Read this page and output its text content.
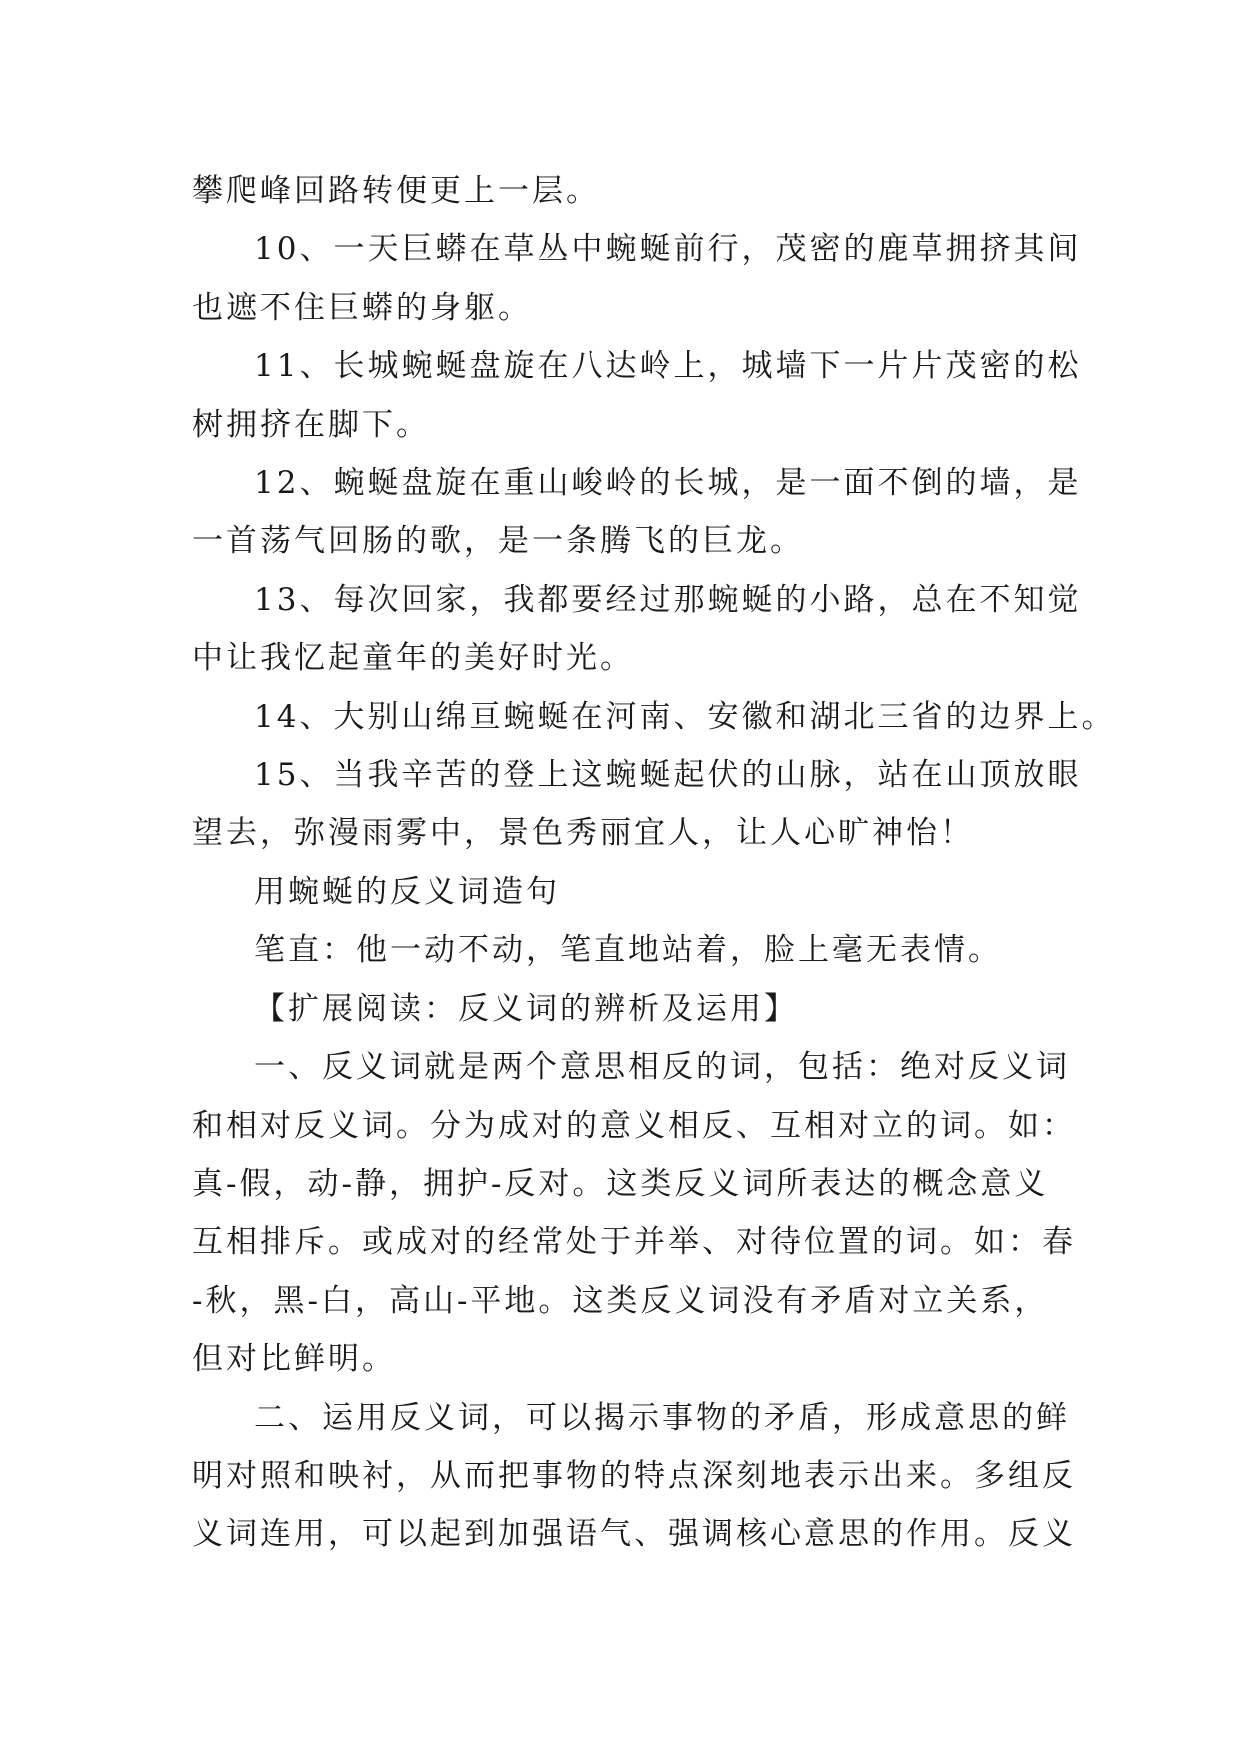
攀爬峰回路转便更上一层。
10、一天巨蟒在草丛中蜿蜒前行，茂密的鹿草拥挤其间
也遮不住巨蟒的身躯。
11、长城蜿蜒盘旋在八达岭上，城墙下一片片茂密的松
树拥挤在脚下。
12、蜿蜒盘旋在重山峻岭的长城，是一面不倒的墙，是
一首荡气回肠的歌，是一条腾飞的巨龙。
13、每次回家，我都要经过那蜿蜒的小路，总在不知觉
中让我忆起童年的美好时光。
14、大别山绵亘蜿蜒在河南、安徽和湖北三省的边界上。
15、当我辛苦的登上这蜿蜒起伏的山脉，站在山顶放眼
望去，弥漫雨雾中，景色秀丽宜人，让人心旷神怡！
用蜿蜒的反义词造句
笔直：他一动不动，笔直地站着，脸上毫无表情。
【扩展阅读：反义词的辨析及运用】
一、反义词就是两个意思相反的词，包括：绝对反义词
和相对反义词。分为成对的意义相反、互相对立的词。如：
真-假，动-静，拥护-反对。这类反义词所表达的概念意义
互相排斥。或成对的经常处于并举、对待位置的词。如：春
-秋，黑-白，高山-平地。这类反义词没有矛盾对立关系，
但对比鲜明。
二、运用反义词，可以揭示事物的矛盾，形成意思的鲜
明对照和映衬，从而把事物的特点深刻地表示出来。多组反
义词连用，可以起到加强语气、强调核心意思的作用。反义
